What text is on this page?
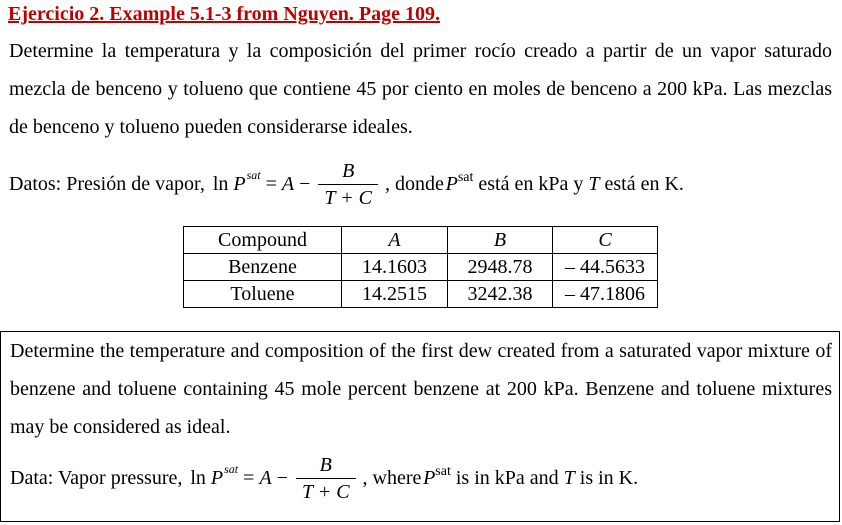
Ejercicio 2. Example 5.1-3 from Nguyen. Page 109.

Determine la temperatura y la composición del primer rocío creado a partir de un vapor saturado mezcla de benceno y tolueno que contiene 45 por ciento en moles de benceno a 200 kPa. Las mezclas de benceno y tolueno pueden considerarse ideales.

Datos: Presión de vapor, ln P sat = $A - \frac{B}{T + C}$ , donde
  P sat está en kPa y T está en K.
Compound	A	B	C
Benzene	14.1603	2948.78	– 44.5633
Toluene	14.2515	3242.38	– 47.1806

Determine the temperature and composition of the first dew created from a saturated vapor mixture of benzene and toluene containing 45 mole percent benzene at 200 kPa. Benzene and toluene mixtures may be considered as ideal.

Data: Vapor pressure, ln P sat = $A - \frac{B}{T + C}$ , where
  P sat is in kPa and T is in K.
